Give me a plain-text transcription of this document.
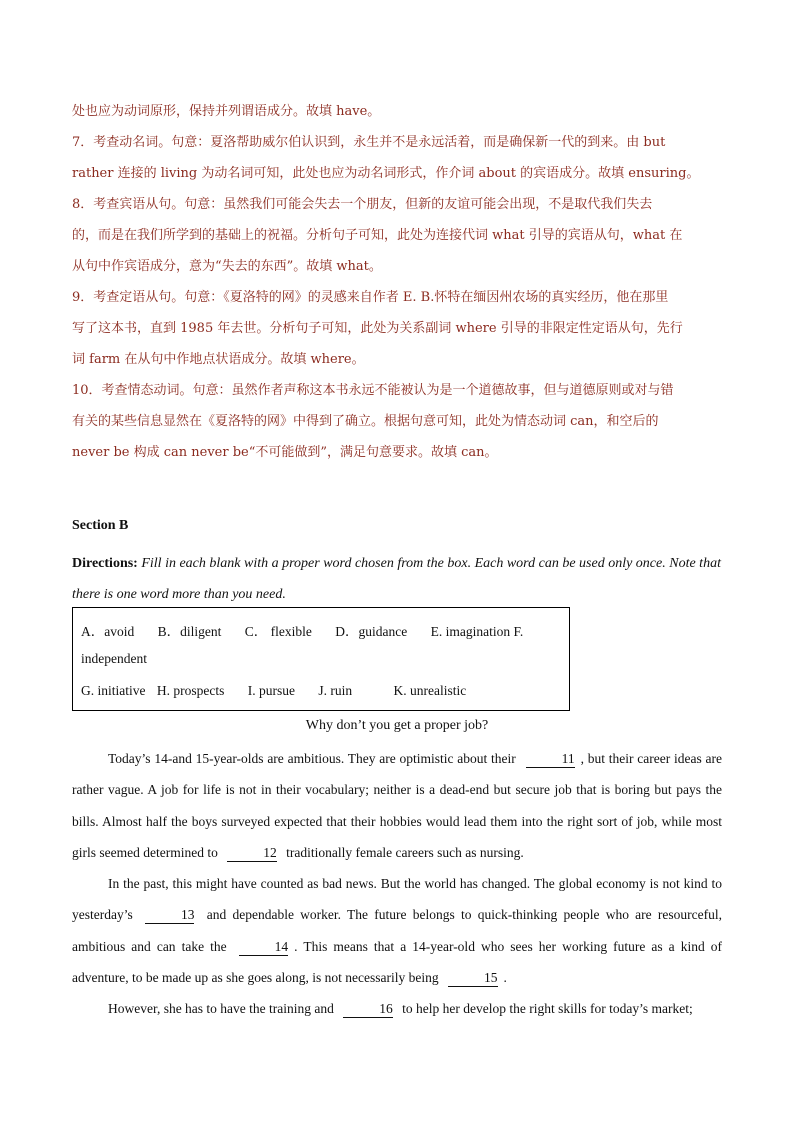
处也应为动词原形，保持并列谓语成分。故填 have。

7．考查动名词。句意：夏洛帮助威尔伯认识到，永生并不是永远活着，而是确保新一代的到来。由 but

rather 连接的 living 为动名词可知，此处也应为动名词形式，作介词 about 的宾语成分。故填 ensuring。

8．考查宾语从句。句意：虽然我们可能会失去一个朋友，但新的友谊可能会出现，不是取代我们失去

的，而是在我们所学到的基础上的祝福。分析句子可知，此处为连接代词 what 引导的宾语从句，what 在

从句中作宾语成分，意为“失去的东西”。故填 what。

9．考查定语从句。句意：《夏洛特的网》的灵感来自作者 E. B.怀特在缅因州农场的真实经历，他在那里

写了这本书，直到 1985 年去世。分析句子可知，此处为关系副词 where 引导的非限定性定语从句，先行

词 farm 在从句中作地点状语成分。故填 where。

10．考查情态动词。句意：虽然作者声称这本书永远不能被认为是一个道德故事，但与道德原则或对与错

有关的某些信息显然在《夏洛特的网》中得到了确立。根据句意可知，此处为情态动词 can，和空后的

never be 构成 can never be“不可能做到”，满足句意要求。故填 can。

Section B
Directions: Fill in each blank with a proper word chosen from the box. Each word can be used only once. Note that
there is one word more than you need.
A．avoid B．diligent C． flexible D．guidance E. imagination F.
independent
G. initiative H. prospects I. pursue J. ruin	K. unrealistic
Why don’t you get a proper job?

Today’s 14-and 15-year-olds are ambitious. They are optimistic about their	11 , but their career ideas are rather vague. A job for life is not in their vocabulary; neither is a dead-end but secure job that is boring but pays the bills. Almost half the boys surveyed expected that their hobbies would lead them into the right sort of job, while most girls seemed determined to	12 traditionally female careers such as nursing.

In the past, this might have counted as bad news. But the world has changed. The global economy is not kind to yesterday’s	13 and dependable worker. The future belongs to quick-thinking people who are resourceful, ambitious and can take the	14 . This means that a 14-year-old who sees her working future as a kind of adventure, to be made up as she goes along, is not necessarily being	15 .

However, she has to have the training and	16 to help her develop the right skills for today’s market;
